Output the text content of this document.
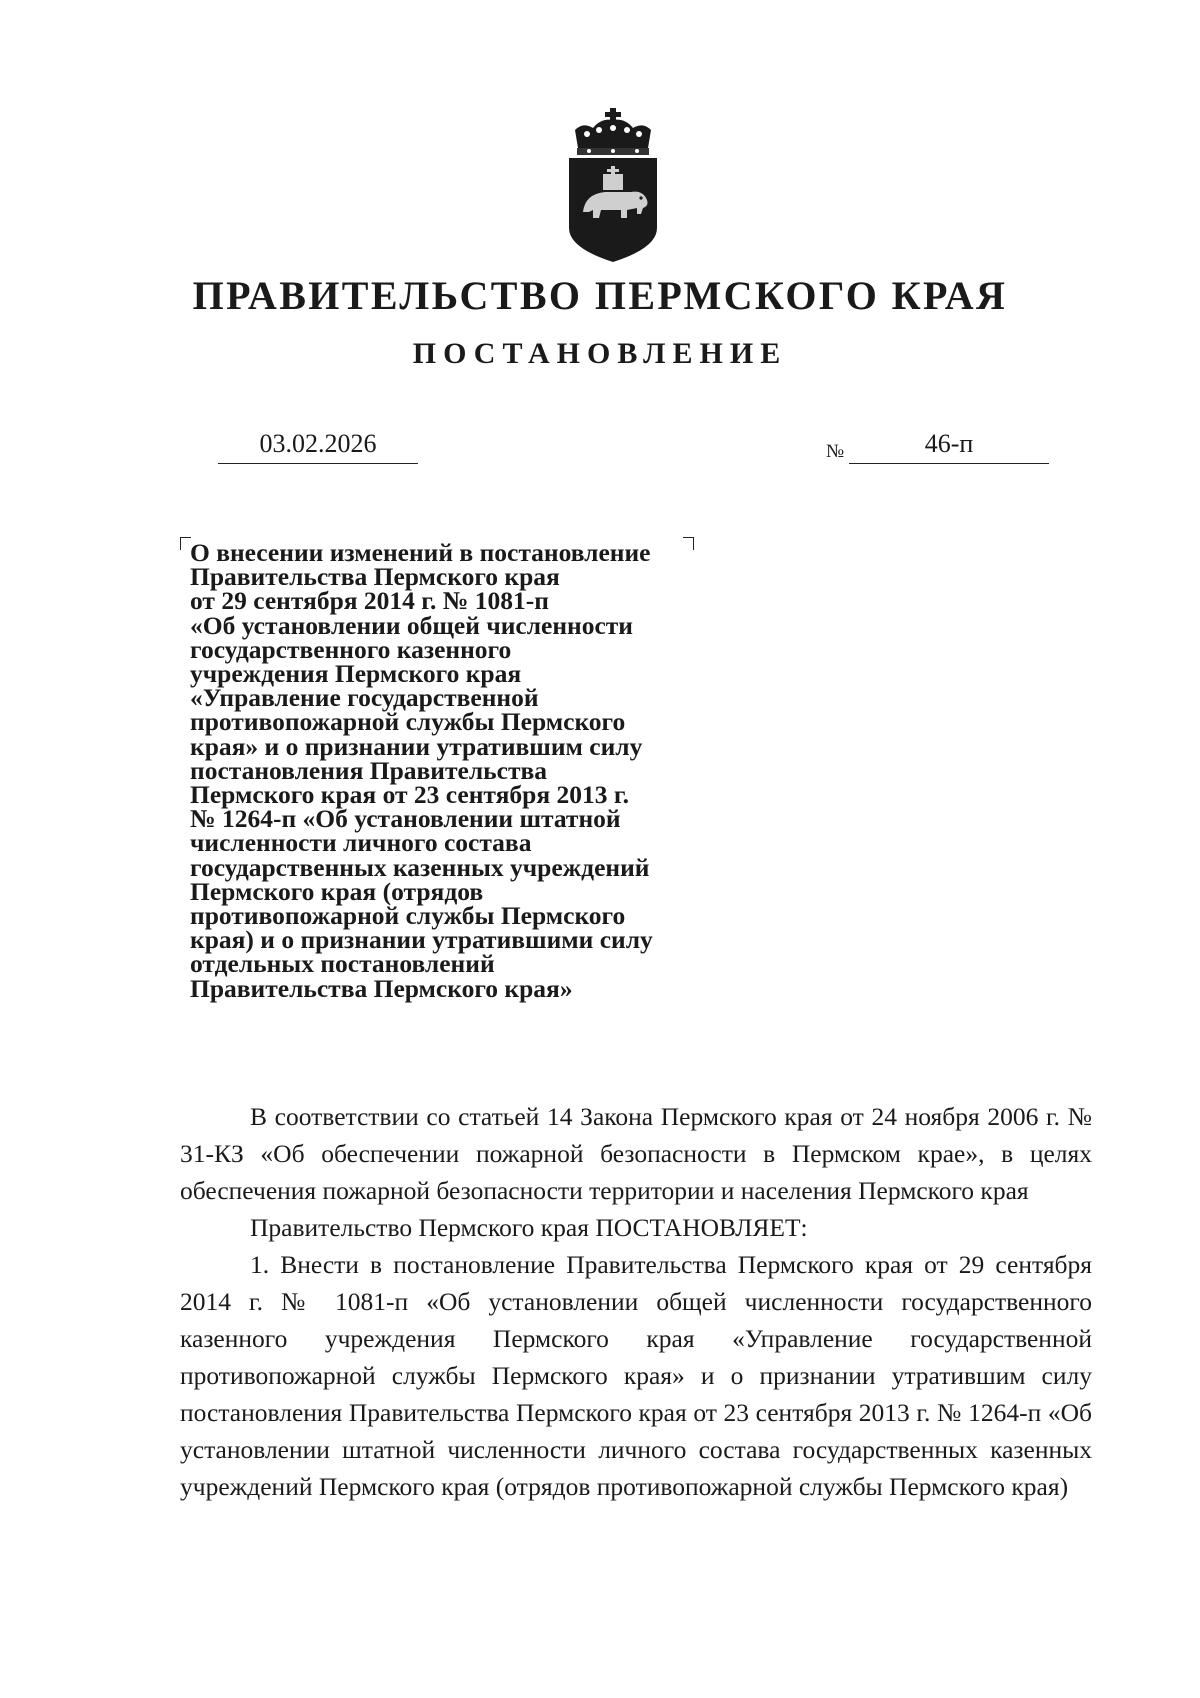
ПРАВИТЕЛЬСТВО ПЕРМСКОГО КРАЯ
ПОСТАНОВЛЕНИЕ
03.02.2026	№	46-п
О внесении изменений в постановление
Правительства Пермского края
от 29 сентября 2014 г. № 1081-п
«Об установлении общей численности
государственного казенного
учреждения Пермского края
«Управление государственной
противопожарной службы Пермского
края» и о признании утратившим силу
постановления Правительства
Пермского края от 23 сентября 2013 г.
№ 1264-п «Об установлении штатной
численности личного состава
государственных казенных учреждений
Пермского края (отрядов
противопожарной службы Пермского
края) и о признании утратившими силу
отдельных постановлений
Правительства Пермского края»

В соответствии со статьей 14 Закона Пермского края от 24 ноября 2006 г. № 31-КЗ «Об обеспечении пожарной безопасности в Пермском крае», в целях обеспечения пожарной безопасности территории и населения Пермского края

Правительство Пермского края ПОСТАНОВЛЯЕТ:

1. Внести в постановление Правительства Пермского края от 29 сентября 2014 г. № 1081-п «Об установлении общей численности государственного казенного учреждения Пермского края «Управление государственной противопожарной службы Пермского края» и о признании утратившим силу постановления Правительства Пермского края от 23 сентября 2013 г. № 1264-п «Об установлении штатной численности личного состава государственных казенных учреждений Пермского края (отрядов противопожарной службы Пермского края)
